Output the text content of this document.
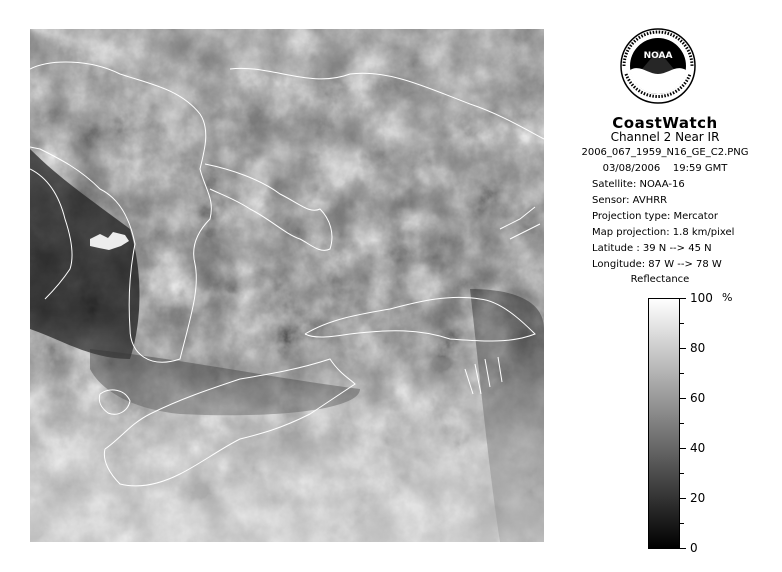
NOAA
CoastWatch
Channel 2 Near IR
2006_067_1959_N16_GE_C2.PNG
03/08/2006    19:59 GMT
Satellite: NOAA-16
Sensor: AVHRR
Projection type: Mercator
Map projection: 1.8 km/pixel
Latitude : 39 N --> 45 N
Longitude: 87 W --> 78 W
Reflectance
%
100
80
60
40
20
0
